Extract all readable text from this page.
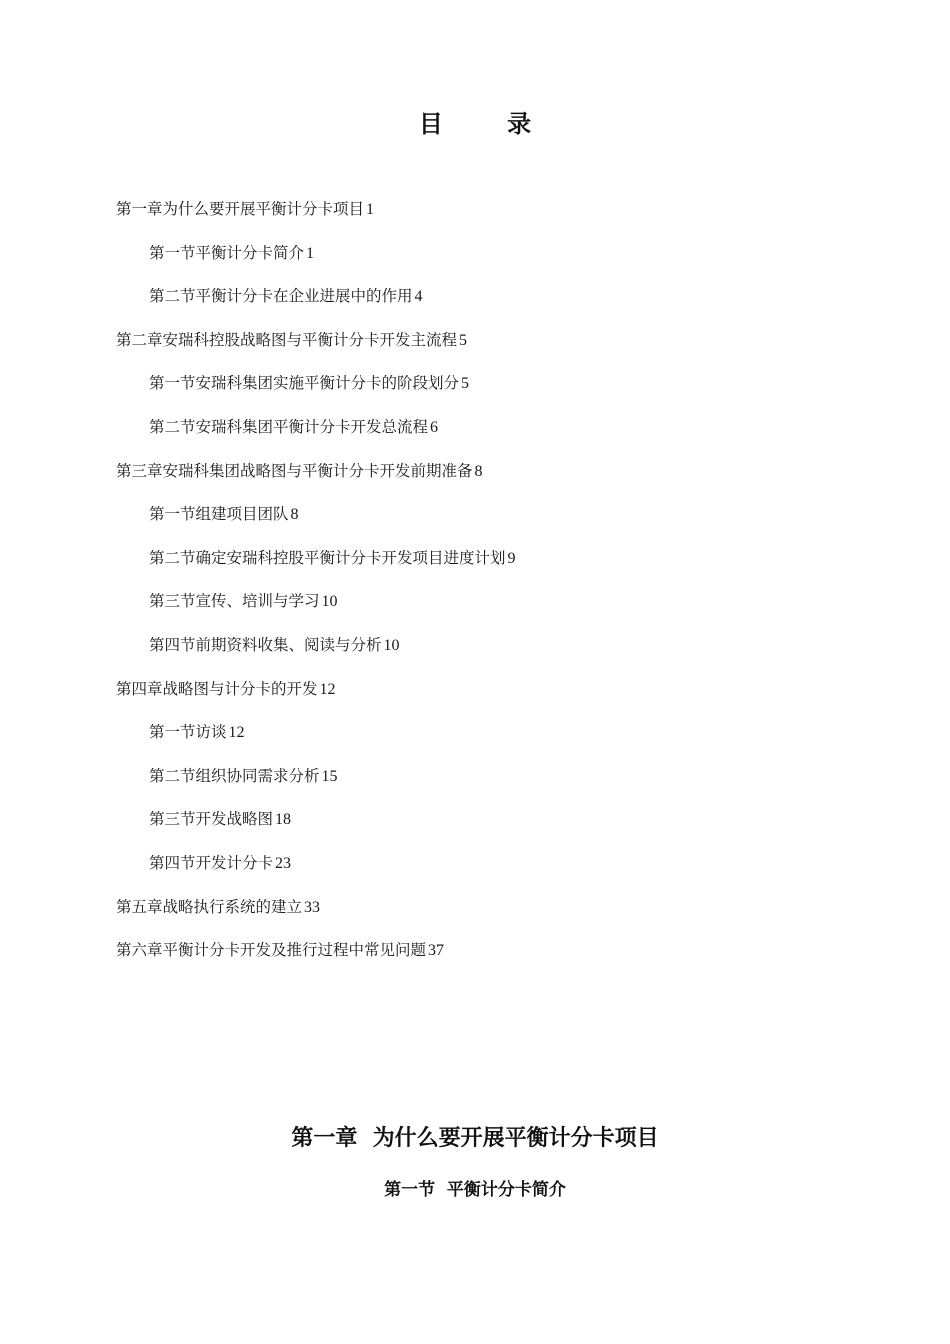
目 录
第一章为什么要开展平衡计分卡项目 1
第一节平衡计分卡简介 1
第二节平衡计分卡在企业进展中的作用 4
第二章安瑞科控股战略图与平衡计分卡开发主流程 5
第一节安瑞科集团实施平衡计分卡的阶段划分 5
第二节安瑞科集团平衡计分卡开发总流程 6
第三章安瑞科集团战略图与平衡计分卡开发前期准备 8
第一节组建项目团队 8
第二节确定安瑞科控股平衡计分卡开发项目进度计划 9
第三节宣传、培训与学习 10
第四节前期资料收集、阅读与分析 10
第四章战略图与计分卡的开发 12
第一节访谈 12
第二节组织协同需求分析 15
第三节开发战略图 18
第四节开发计分卡 23
第五章战略执行系统的建立 33
第六章平衡计分卡开发及推行过程中常见问题 37
第一章  为什么要开展平衡计分卡项目
第一节  平衡计分卡简介
